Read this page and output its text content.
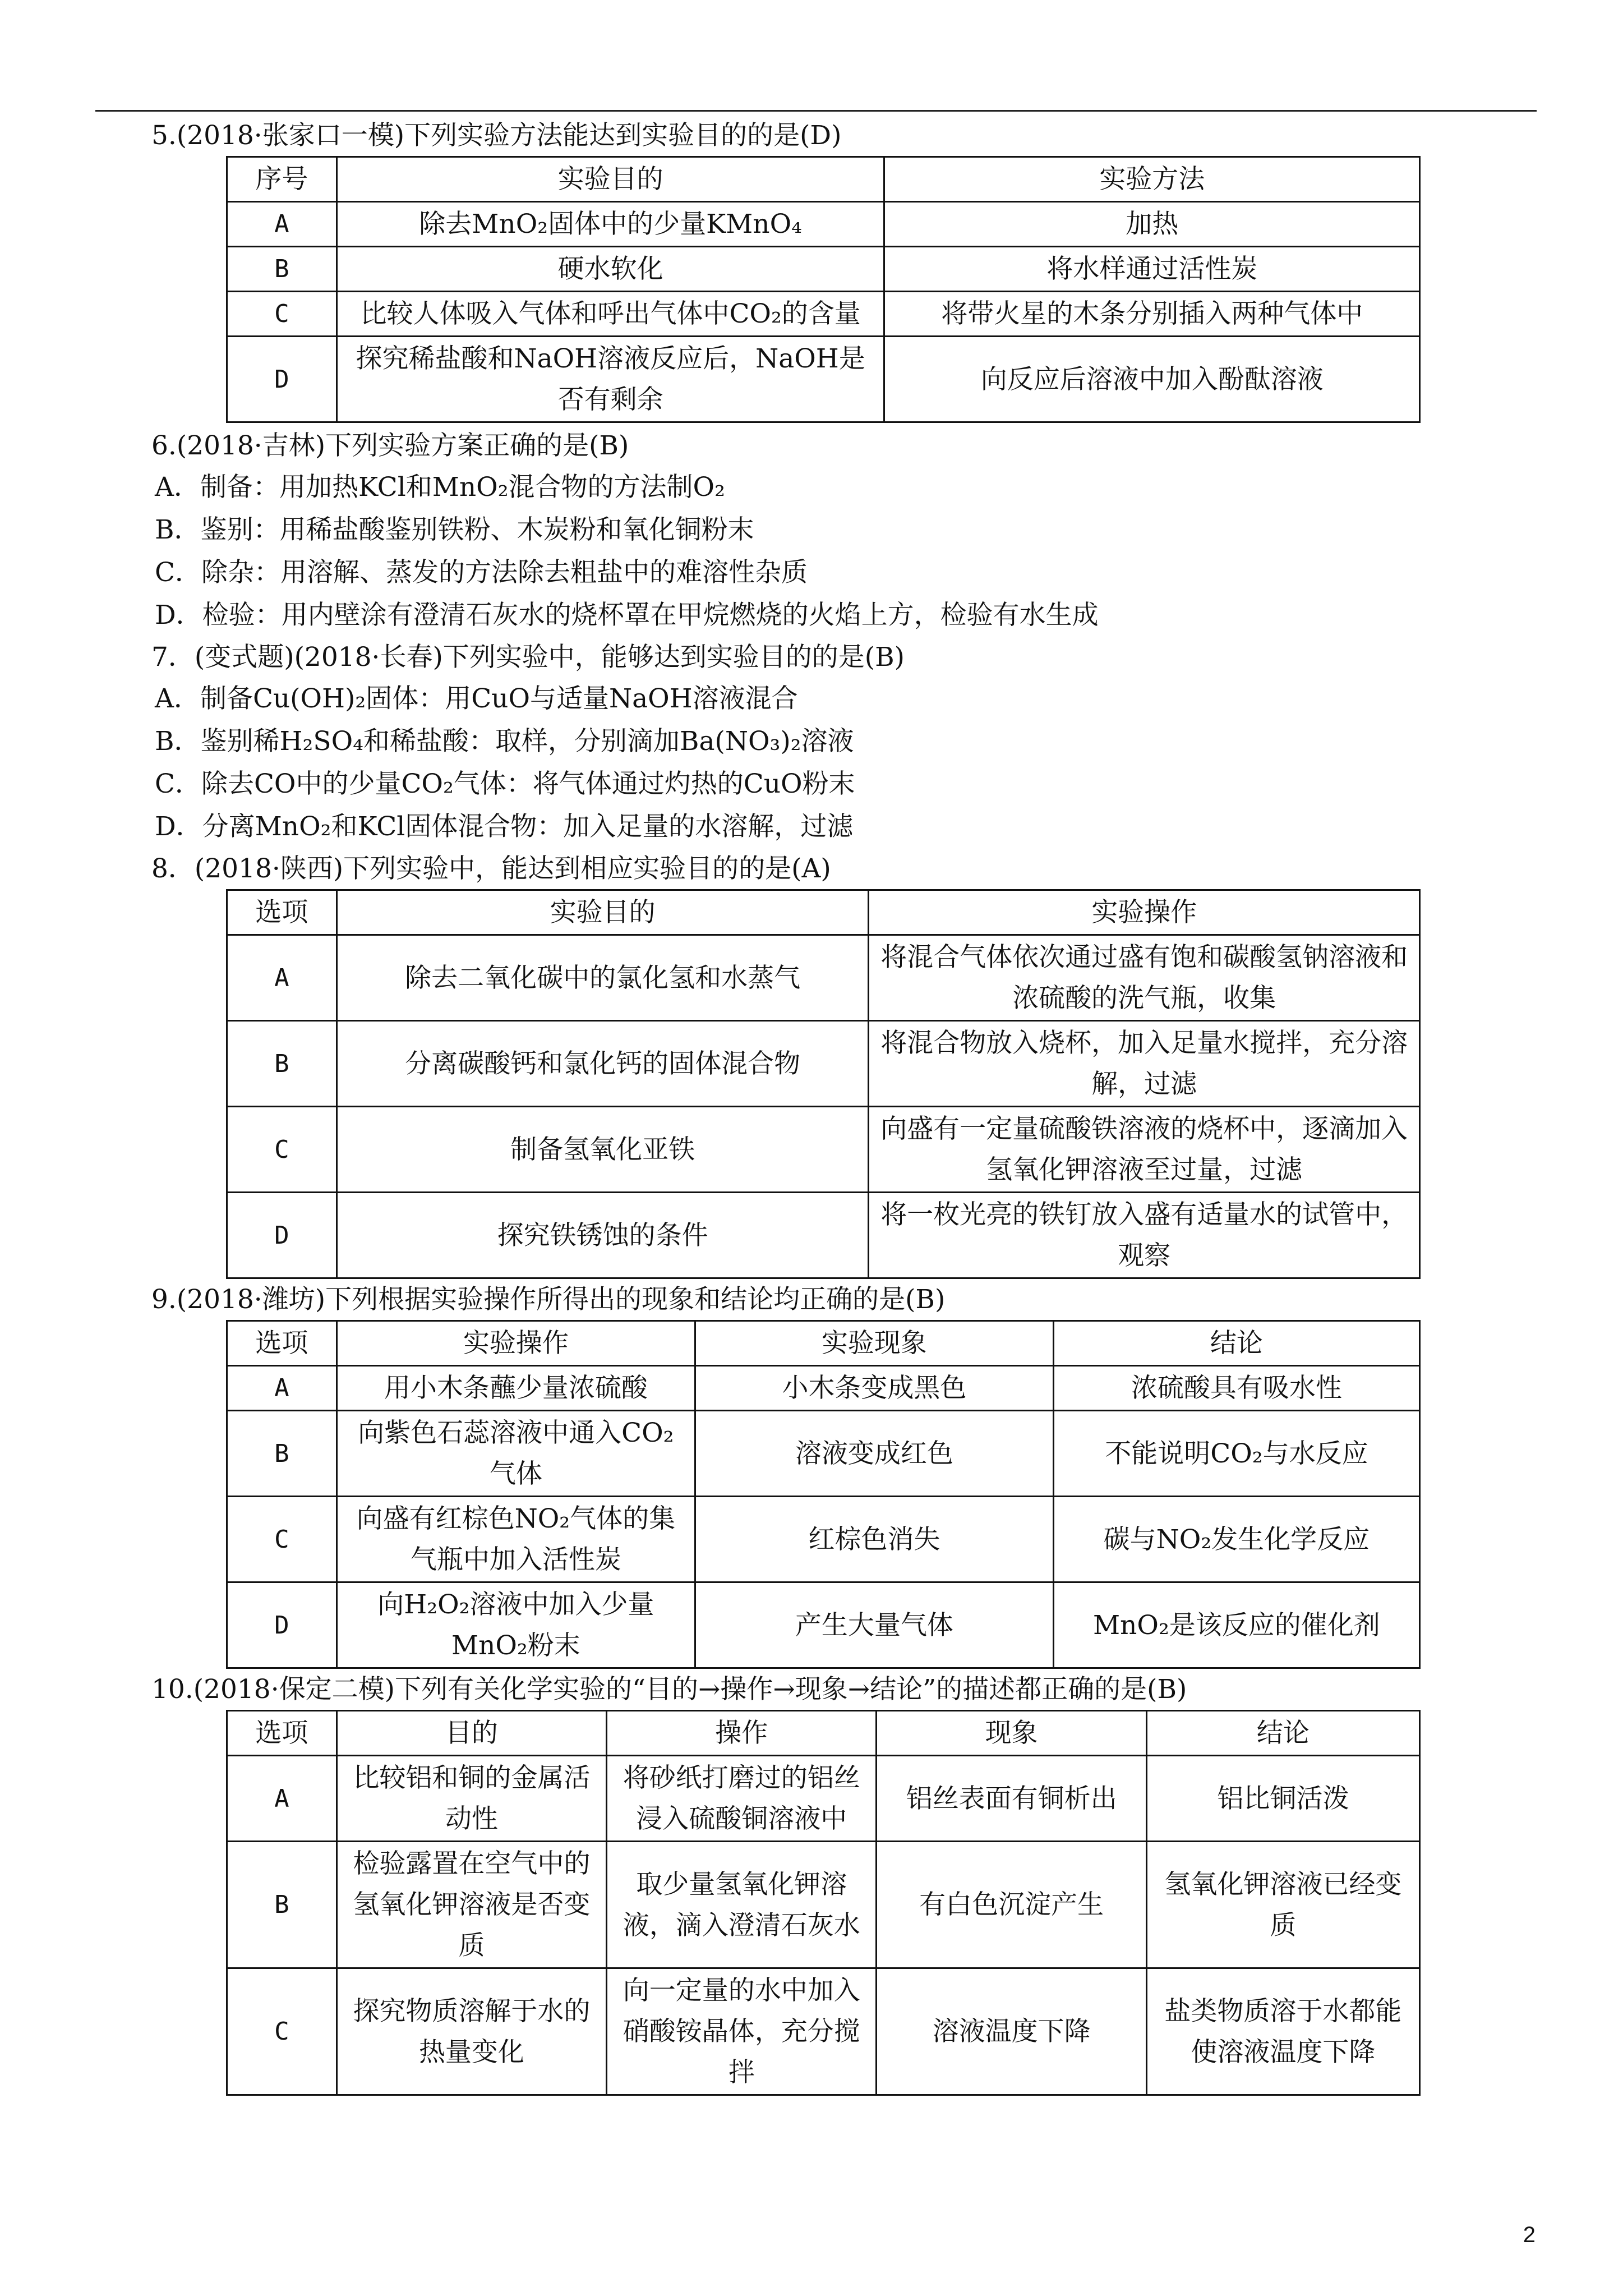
5.(2018·张家口一模)下列实验方法能达到实验目的的是(D)
序号	实验目的	实验方法
A	除去MnO₂固体中的少量KMnO₄	加热
B	硬水软化	将水样通过活性炭
C	比较人体吸入气体和呼出气体中CO₂的含量	将带火星的木条分别插入两种气体中
D	探究稀盐酸和NaOH溶液反应后，NaOH是否有剩余	向反应后溶液中加入酚酞溶液
6.(2018·吉林)下列实验方案正确的是(B)
A．制备：用加热KCl和MnO₂混合物的方法制O₂
B．鉴别：用稀盐酸鉴别铁粉、木炭粉和氧化铜粉末
C．除杂：用溶解、蒸发的方法除去粗盐中的难溶性杂质
D．检验：用内壁涂有澄清石灰水的烧杯罩在甲烷燃烧的火焰上方，检验有水生成
7．(变式题)(2018·长春)下列实验中，能够达到实验目的的是(B)
A．制备Cu(OH)₂固体：用CuO与适量NaOH溶液混合
B．鉴别稀H₂SO₄和稀盐酸：取样，分别滴加Ba(NO₃)₂溶液
C．除去CO中的少量CO₂气体：将气体通过灼热的CuO粉末
D．分离MnO₂和KCl固体混合物：加入足量的水溶解，过滤
8．(2018·陕西)下列实验中，能达到相应实验目的的是(A)
选项	实验目的	实验操作
A	除去二氧化碳中的氯化氢和水蒸气	将混合气体依次通过盛有饱和碳酸氢钠溶液和浓硫酸的洗气瓶，收集
B	分离碳酸钙和氯化钙的固体混合物	将混合物放入烧杯，加入足量水搅拌，充分溶解，过滤
C	制备氢氧化亚铁	向盛有一定量硫酸铁溶液的烧杯中，逐滴加入氢氧化钾溶液至过量，过滤
D	探究铁锈蚀的条件	将一枚光亮的铁钉放入盛有适量水的试管中，观察
9.(2018·潍坊)下列根据实验操作所得出的现象和结论均正确的是(B)
选项	实验操作	实验现象	结论
A	用小木条蘸少量浓硫酸	小木条变成黑色	浓硫酸具有吸水性
B	向紫色石蕊溶液中通入CO₂气体	溶液变成红色	不能说明CO₂与水反应
C	向盛有红棕色NO₂气体的集气瓶中加入活性炭	红棕色消失	碳与NO₂发生化学反应
D	向H₂O₂溶液中加入少量MnO₂粉末	产生大量气体	MnO₂是该反应的催化剂
10.(2018·保定二模)下列有关化学实验的“目的→操作→现象→结论”的描述都正确的是(B)
选项	目的	操作	现象	结论
A	比较铝和铜的金属活动性	将砂纸打磨过的铝丝浸入硫酸铜溶液中	铝丝表面有铜析出	铝比铜活泼
B	检验露置在空气中的氢氧化钾溶液是否变质	取少量氢氧化钾溶液，滴入澄清石灰水	有白色沉淀产生	氢氧化钾溶液已经变质
C	探究物质溶解于水的热量变化	向一定量的水中加入硝酸铵晶体，充分搅拌	溶液温度下降	盐类物质溶于水都能使溶液温度下降
2
